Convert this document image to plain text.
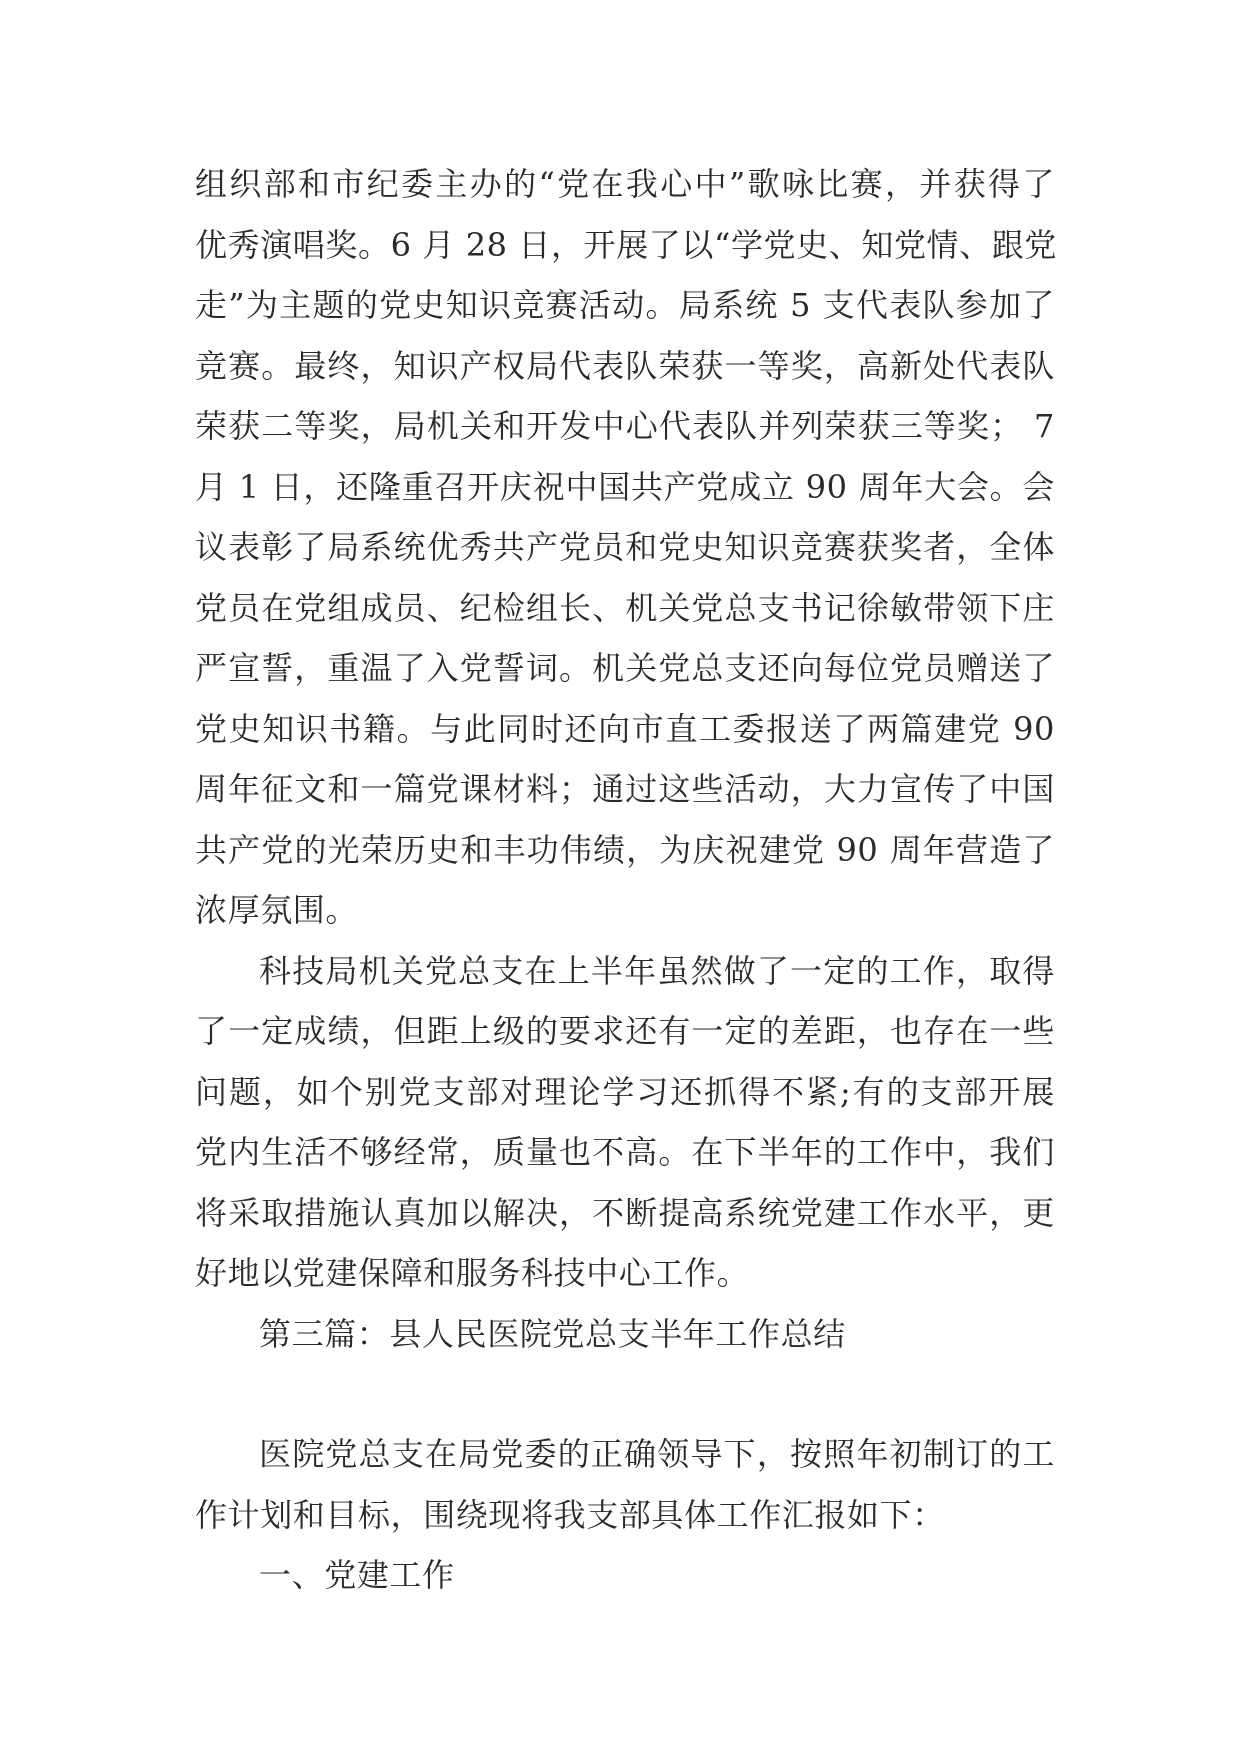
组织部和市纪委主办的“党在我心中”歌咏比赛，并获得了
优秀演唱奖。6 月 28 日，开展了以“学党史、知党情、跟党
走”为主题的党史知识竞赛活动。局系统 5 支代表队参加了
竞赛。最终，知识产权局代表队荣获一等奖，高新处代表队
荣获二等奖，局机关和开发中心代表队并列荣获三等奖； 7
月 1 日，还隆重召开庆祝中国共产党成立 90 周年大会。会
议表彰了局系统优秀共产党员和党史知识竞赛获奖者，全体
党员在党组成员、纪检组长、机关党总支书记徐敏带领下庄
严宣誓，重温了入党誓词。机关党总支还向每位党员赠送了
党史知识书籍。与此同时还向市直工委报送了两篇建党 90
周年征文和一篇党课材料；通过这些活动，大力宣传了中国
共产党的光荣历史和丰功伟绩，为庆祝建党 90 周年营造了
浓厚氛围。
科技局机关党总支在上半年虽然做了一定的工作，取得
了一定成绩，但距上级的要求还有一定的差距，也存在一些
问题，如个别党支部对理论学习还抓得不紧;有的支部开展
党内生活不够经常，质量也不高。在下半年的工作中，我们
将采取措施认真加以解决，不断提高系统党建工作水平，更
好地以党建保障和服务科技中心工作。
第三篇：县人民医院党总支半年工作总结
医院党总支在局党委的正确领导下，按照年初制订的工
作计划和目标，围绕现将我支部具体工作汇报如下：
一、党建工作
